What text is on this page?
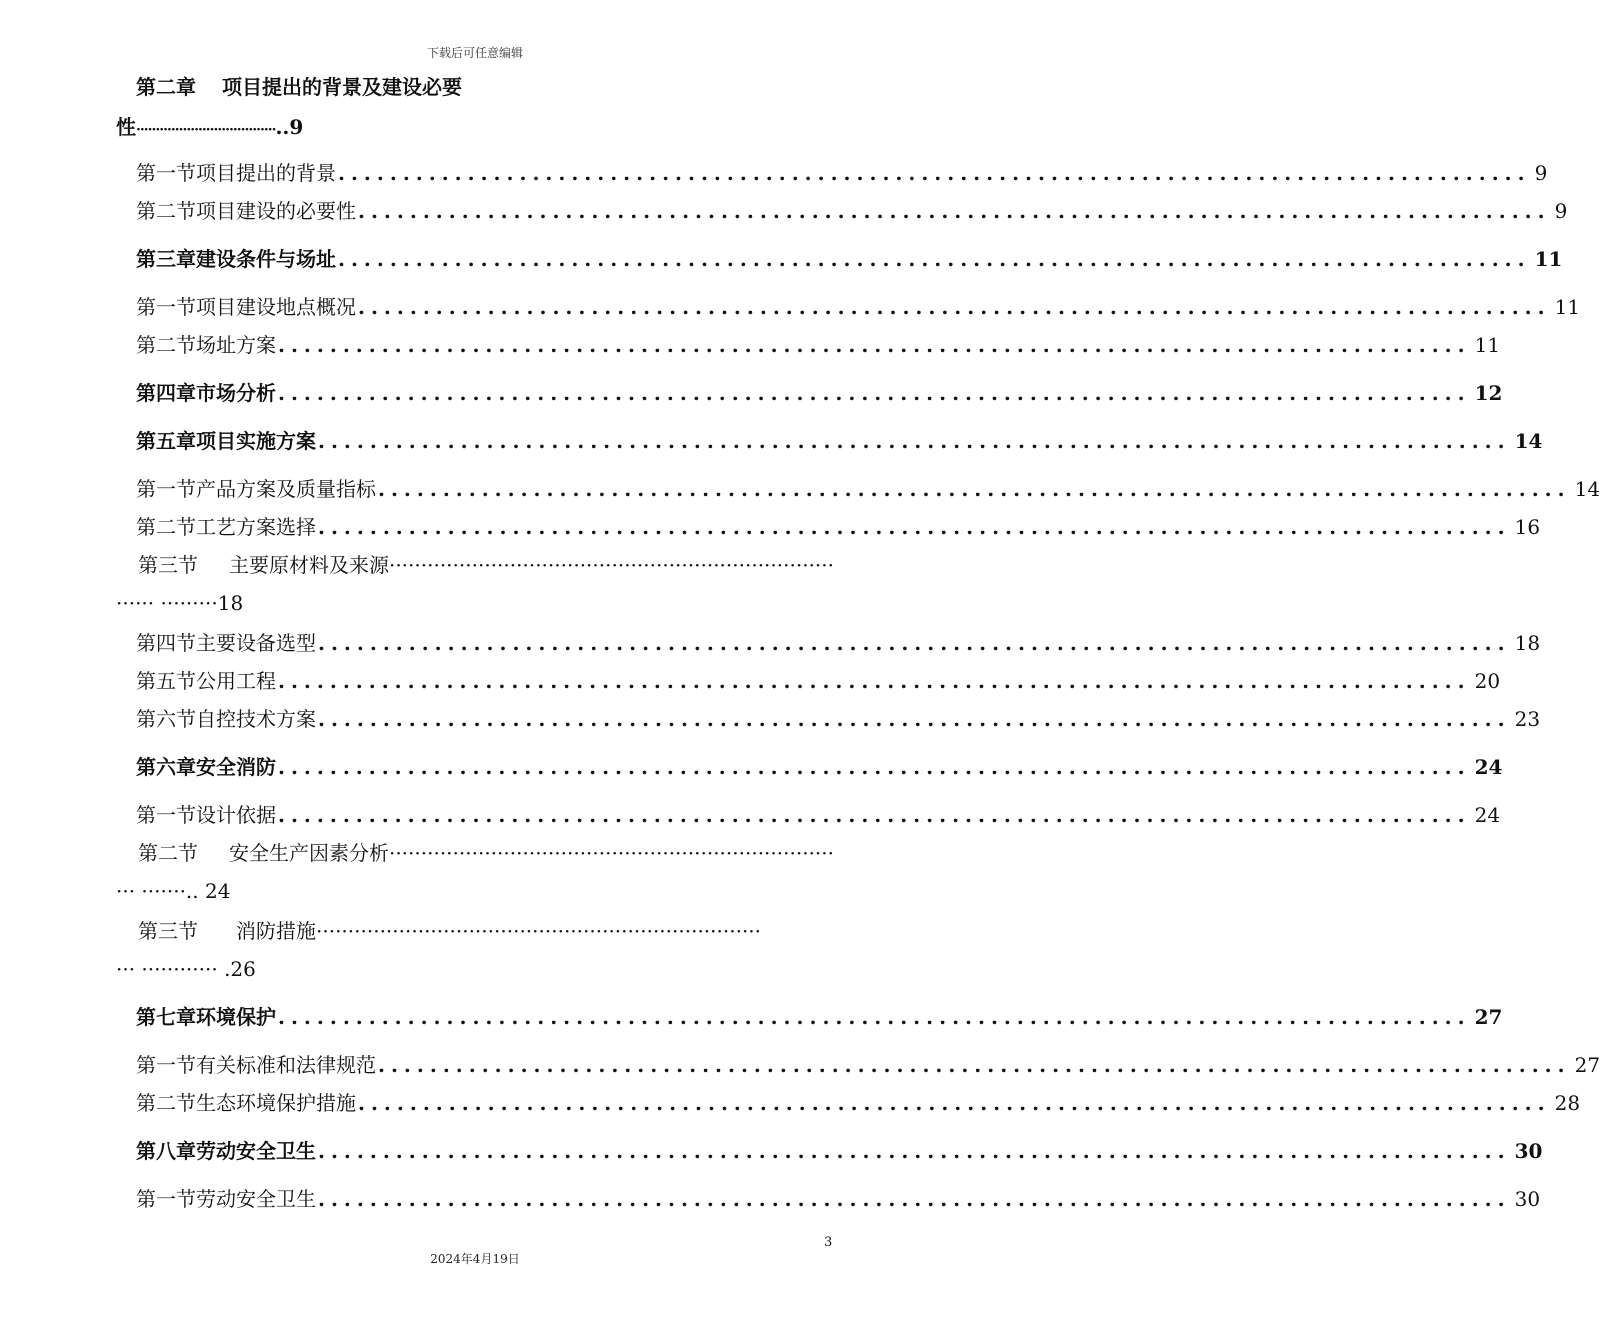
下载后可任意编辑
第二章 项目提出的背景及建设必要
性····································..9
第一节 项目提出的背景 ............................................................................................ 9
第二节 项目建设的必要性 ............................................................................................ 9
第三章 建设条件与场址 ............................................................................................ 11
第一节 项目建设地点概况 ............................................................................................ 11
第二节 场址方案 ............................................................................................ 11
第四章 市场分析 ............................................................................................ 12
第五章 项目实施方案 ............................................................................................ 14
第一节 产品方案及质量指标 ............................................................................................ 14
第二节 工艺方案选择 ............................................................................................ 16
第三节 主要原材料及来源 ······································································
······ ·········18
第四节 主要设备选型 ............................................................................................ 18
第五节 公用工程 ............................................................................................ 20
第六节 自控技术方案 ............................................................................................ 23
第六章 安全消防 ............................................................................................ 24
第一节 设计依据 ............................................................................................ 24
第二节 安全生产因素分析 ······································································
··· ·······.. 24
第三节 消防措施 ······································································
··· ············ .26
第七章 环境保护 ............................................................................................ 27
第一节 有关标准和法律规范 ............................................................................................ 27
第二节 生态环境保护措施 ............................................................................................ 28
第八章 劳动安全卫生 ............................................................................................ 30
第一节 劳动安全卫生 ............................................................................................ 30
3
2024年4月19日
